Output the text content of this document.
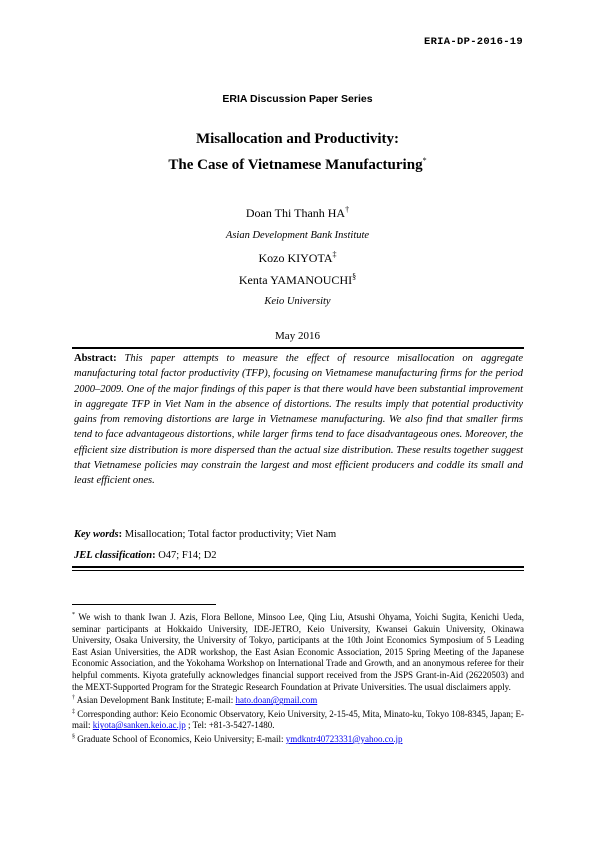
ERIA-DP-2016-19
ERIA Discussion Paper Series
Misallocation and Productivity:
The Case of Vietnamese Manufacturing*
Doan Thi Thanh HA†
Asian Development Bank Institute
Kozo KIYOTA‡
Kenta YAMANOUCHI§
Keio University
May 2016
Abstract: This paper attempts to measure the effect of resource misallocation on aggregate manufacturing total factor productivity (TFP), focusing on Vietnamese manufacturing firms for the period 2000–2009. One of the major findings of this paper is that there would have been substantial improvement in aggregate TFP in Viet Nam in the absence of distortions. The results imply that potential productivity gains from removing distortions are large in Vietnamese manufacturing. We also find that smaller firms tend to face advantageous distortions, while larger firms tend to face disadvantageous ones. Moreover, the efficient size distribution is more dispersed than the actual size distribution. These results together suggest that Vietnamese policies may constrain the largest and most efficient producers and coddle its small and least efficient ones.
Key words: Misallocation; Total factor productivity; Viet Nam
JEL classification: O47; F14; D2

* We wish to thank Iwan J. Azis, Flora Bellone, Minsoo Lee, Qing Liu, Atsushi Ohyama, Yoichi Sugita, Kenichi Ueda, seminar participants at Hokkaido University, IDE-JETRO, Keio University, Kwansei Gakuin University, Okinawa University, Osaka University, the University of Tokyo, participants at the 10th Joint Economics Symposium of 5 Leading East Asian Universities, the ADR workshop, the East Asian Economic Association, 2015 Spring Meeting of the Japanese Economic Association, and the Yokohama Workshop on International Trade and Growth, and an anonymous referee for their helpful comments. Kiyota gratefully acknowledges financial support received from the JSPS Grant-in-Aid (26220503) and the MEXT-Supported Program for the Strategic Research Foundation at Private Universities. The usual disclaimers apply.

† Asian Development Bank Institute; E-mail: hato.doan@gmail.com

‡ Corresponding author: Keio Economic Observatory, Keio University, 2-15-45, Mita, Minato-ku, Tokyo 108-8345, Japan; E-mail: kiyota@sanken.keio.ac.jp ; Tel: +81-3-5427-1480.

§ Graduate School of Economics, Keio University; E-mail: ymdkntr40723331@yahoo.co.jp
